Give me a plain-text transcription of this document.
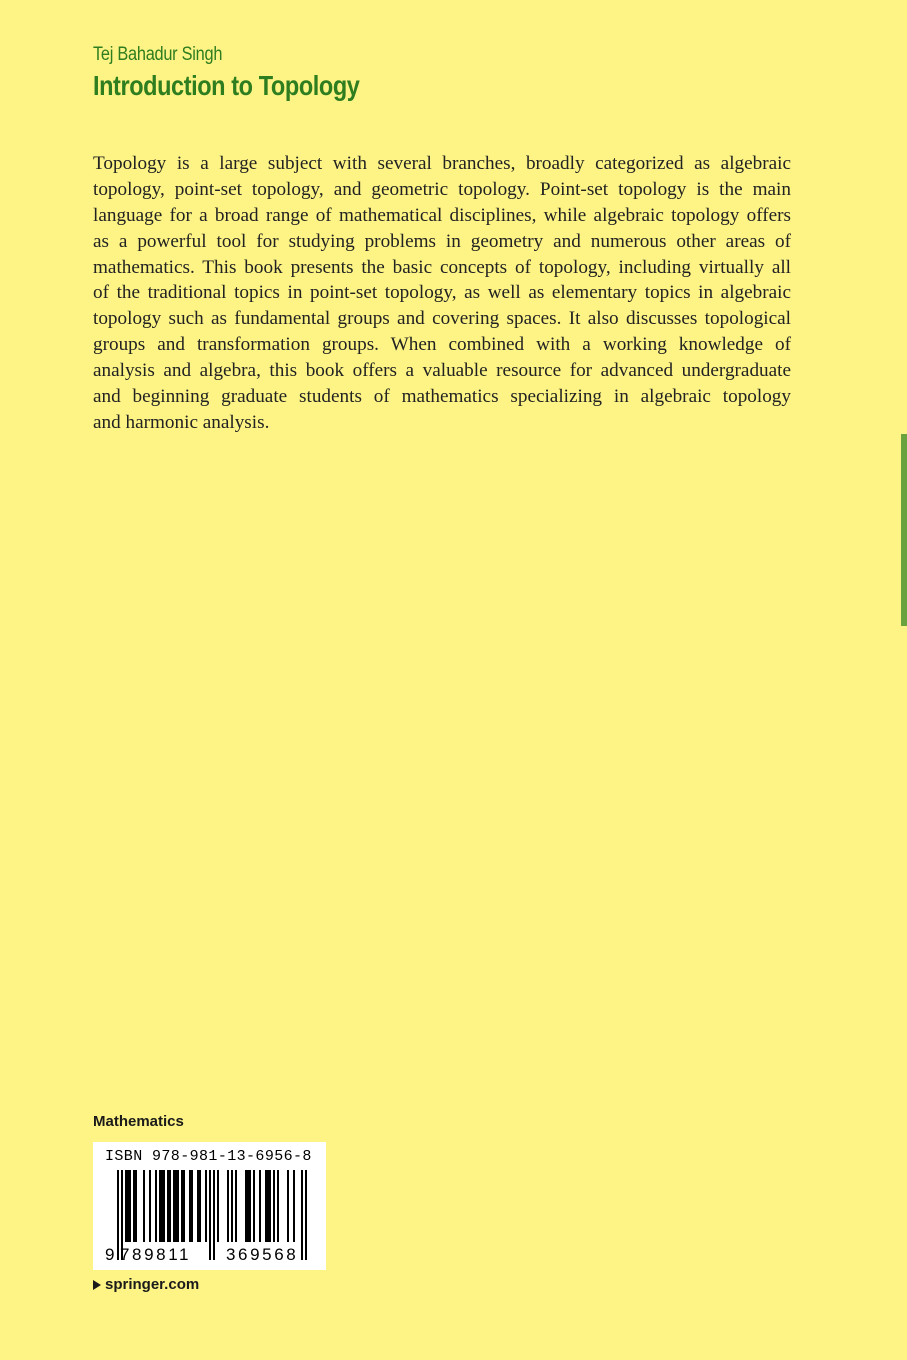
Tej Bahadur Singh
Introduction to Topology
Topology is a large subject with several branches, broadly categorized as algebraic
topology, point-set topology, and geometric topology. Point-set topology is the main
language for a broad range of mathematical disciplines, while algebraic topology offers
as a powerful tool for studying problems in geometry and numerous other areas of
mathematics. This book presents the basic concepts of topology, including virtually all
of the traditional topics in point-set topology, as well as elementary topics in algebraic
topology such as fundamental groups and covering spaces. It also discusses topological
groups and transformation groups. When combined with a working knowledge of
analysis and algebra, this book offers a valuable resource for advanced undergraduate
and beginning graduate students of mathematics specializing in algebraic topology
and harmonic analysis.
Mathematics
ISBN 978-981-13-6956-8
9 789811 369568
springer.com
